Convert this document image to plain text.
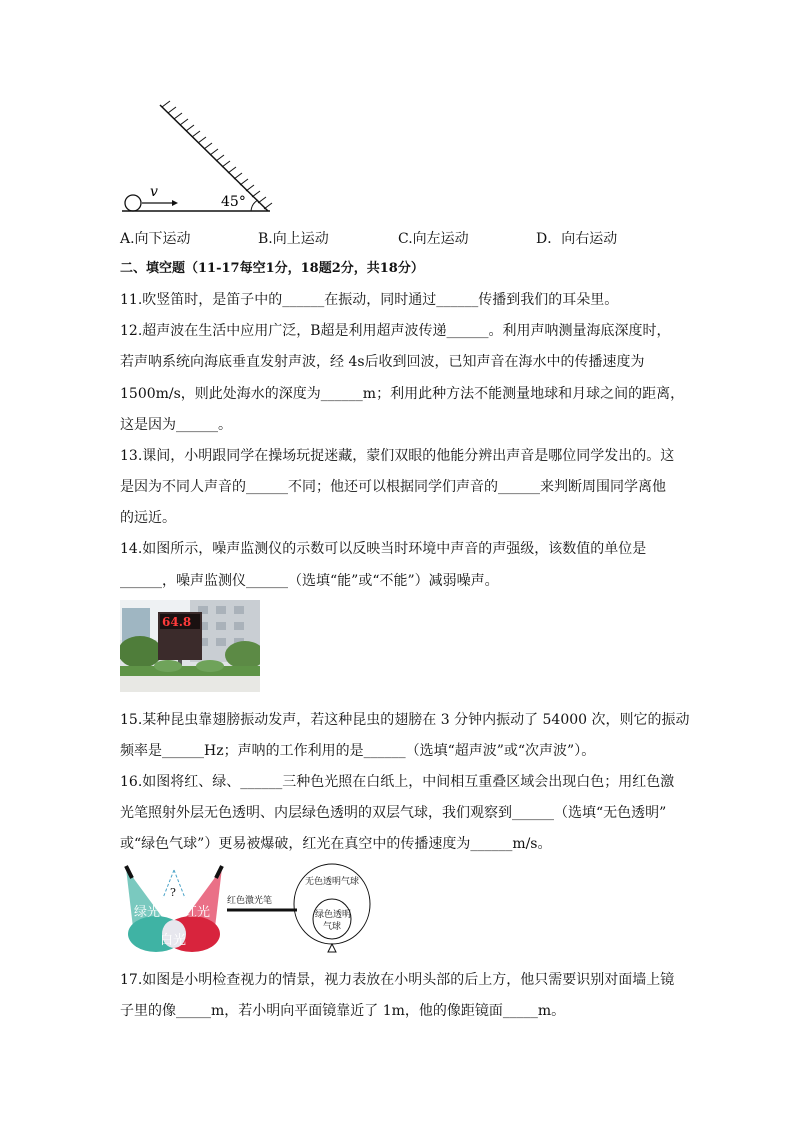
v
45°
A.向下运动	B.向上运动	C.向左运动	D．向右运动
二、填空题（11-17每空1分，18题2分，共18分）
11.吹竖笛时，是笛子中的______在振动，同时通过______传播到我们的耳朵里。
12.超声波在生活中应用广泛，B超是利用超声波传递______。利用声呐测量海底深度时，
若声呐系统向海底垂直发射声波，经 4s后收到回波，已知声音在海水中的传播速度为
1500m/s，则此处海水的深度为______m；利用此种方法不能测量地球和月球之间的距离，
这是因为______。
13.课间，小明跟同学在操场玩捉迷藏，蒙们双眼的他能分辨出声音是哪位同学发出的。这
是因为不同人声音的______不同；他还可以根据同学们声音的______来判断周围同学离他
的远近。
14.如图所示，噪声监测仪的示数可以反映当时环境中声音的声强级，该数值的单位是
______，噪声监测仪______（选填“能”或“不能”）减弱噪声。
64.8
15.某种昆虫靠翅膀振动发声，若这种昆虫的翅膀在 3 分钟内振动了 54000 次，则它的振动
频率是______Hz；声呐的工作利用的是______（选填“超声波”或“次声波”）。
16.如图将红、绿、______三种色光照在白纸上，中间相互重叠区域会出现白色；用红色激
光笔照射外层无色透明、内层绿色透明的双层气球，我们观察到______（选填“无色透明”
或“绿色气球”）更易被爆破，红光在真空中的传播速度为______m/s。
?
绿光 红光
白光
红色激光笔
无色透明气球
绿色透明
气球
17.如图是小明检查视力的情景，视力表放在小明头部的后上方，他只需要识别对面墙上镜
子里的像_____m，若小明向平面镜靠近了 1m，他的像距镜面_____m。
